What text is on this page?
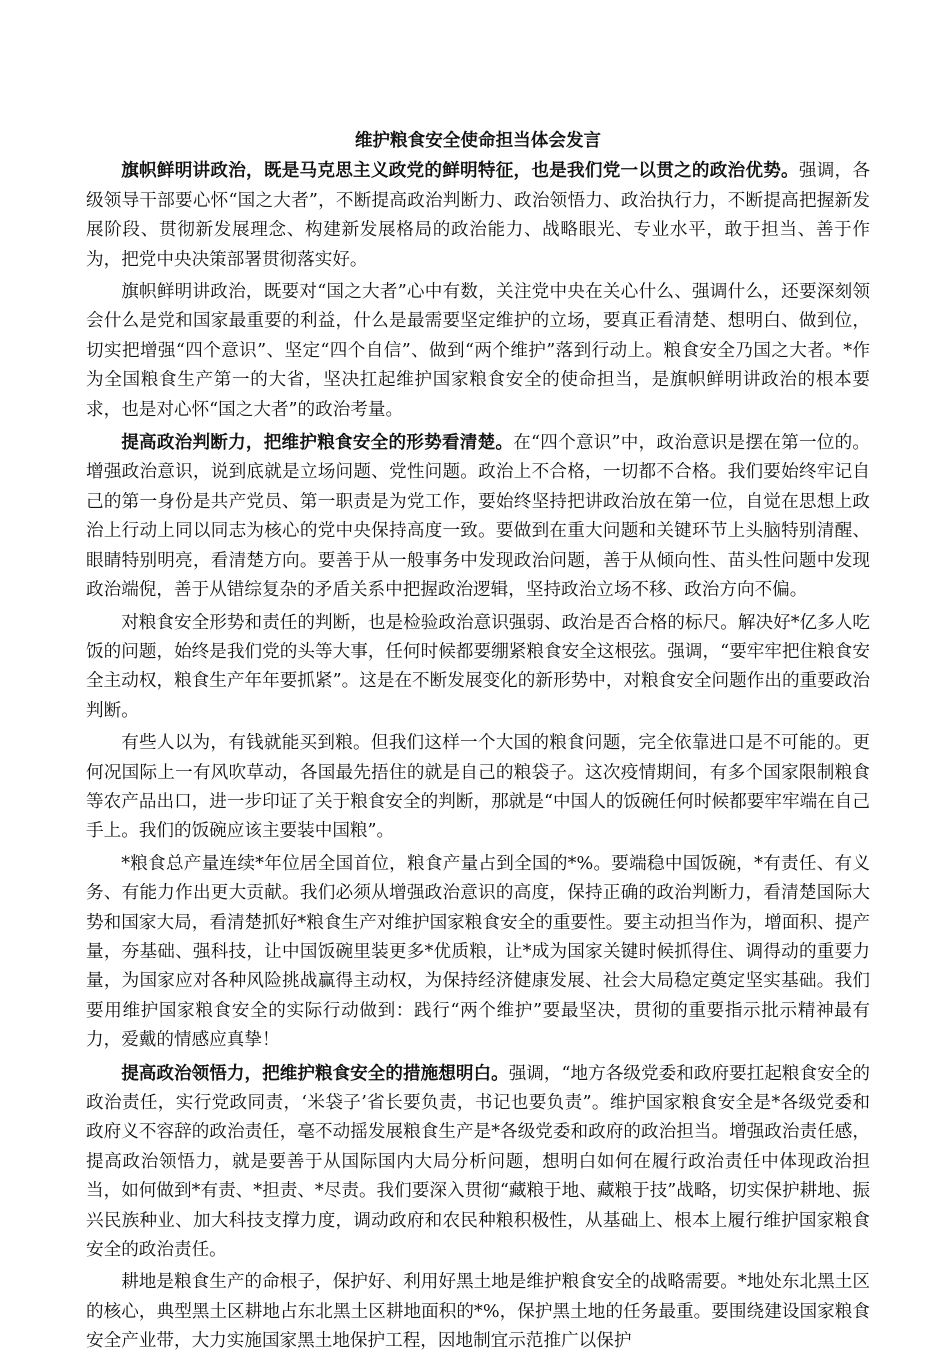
维护粮食安全使命担当体会发言

旗帜鲜明讲政治，既是马克思主义政党的鲜明特征，也是我们党一以贯之的政治优势。强调，各级领导干部要心怀“国之大者”，不断提高政治判断力、政治领悟力、政治执行力，不断提高把握新发展阶段、贯彻新发展理念、构建新发展格局的政治能力、战略眼光、专业水平，敢于担当、善于作为，把党中央决策部署贯彻落实好。

旗帜鲜明讲政治，既要对“国之大者”心中有数，关注党中央在关心什么、强调什么，还要深刻领会什么是党和国家最重要的利益，什么是最需要坚定维护的立场，要真正看清楚、想明白、做到位，切实把增强“四个意识”、坚定“四个自信”、做到“两个维护”落到行动上。粮食安全乃国之大者。*作为全国粮食生产第一的大省，坚决扛起维护国家粮食安全的使命担当，是旗帜鲜明讲政治的根本要求，也是对心怀“国之大者”的政治考量。

提高政治判断力，把维护粮食安全的形势看清楚。在“四个意识”中，政治意识是摆在第一位的。增强政治意识，说到底就是立场问题、党性问题。政治上不合格，一切都不合格。我们要始终牢记自己的第一身份是共产党员、第一职责是为党工作，要始终坚持把讲政治放在第一位，自觉在思想上政治上行动上同以同志为核心的党中央保持高度一致。要做到在重大问题和关键环节上头脑特别清醒、眼睛特别明亮，看清楚方向。要善于从一般事务中发现政治问题，善于从倾向性、苗头性问题中发现政治端倪，善于从错综复杂的矛盾关系中把握政治逻辑，坚持政治立场不移、政治方向不偏。

对粮食安全形势和责任的判断，也是检验政治意识强弱、政治是否合格的标尺。解决好*亿多人吃饭的问题，始终是我们党的头等大事，任何时候都要绷紧粮食安全这根弦。强调，“要牢牢把住粮食安全主动权，粮食生产年年要抓紧”。这是在不断发展变化的新形势中，对粮食安全问题作出的重要政治判断。

有些人以为，有钱就能买到粮。但我们这样一个大国的粮食问题，完全依靠进口是不可能的。更何况国际上一有风吹草动，各国最先捂住的就是自己的粮袋子。这次疫情期间，有多个国家限制粮食等农产品出口，进一步印证了关于粮食安全的判断，那就是“中国人的饭碗任何时候都要牢牢端在自己手上。我们的饭碗应该主要装中国粮”。

*粮食总产量连续*年位居全国首位，粮食产量占到全国的*%。要端稳中国饭碗，*有责任、有义务、有能力作出更大贡献。我们必须从增强政治意识的高度，保持正确的政治判断力，看清楚国际大势和国家大局，看清楚抓好*粮食生产对维护国家粮食安全的重要性。要主动担当作为，增面积、提产量，夯基础、强科技，让中国饭碗里装更多*优质粮，让*成为国家关键时候抓得住、调得动的重要力量，为国家应对各种风险挑战赢得主动权，为保持经济健康发展、社会大局稳定奠定坚实基础。我们要用维护国家粮食安全的实际行动做到：践行“两个维护”要最坚决，贯彻的重要指示批示精神最有力，爱戴的情感应真挚！

提高政治领悟力，把维护粮食安全的措施想明白。强调，“地方各级党委和政府要扛起粮食安全的政治责任，实行党政同责，‘米袋子’省长要负责，书记也要负责”。维护国家粮食安全是*各级党委和政府义不容辞的政治责任，毫不动摇发展粮食生产是*各级党委和政府的政治担当。增强政治责任感，提高政治领悟力，就是要善于从国际国内大局分析问题，想明白如何在履行政治责任中体现政治担当，如何做到*有责、*担责、*尽责。我们要深入贯彻“藏粮于地、藏粮于技”战略，切实保护耕地、振兴民族种业、加大科技支撑力度，调动政府和农民种粮积极性，从基础上、根本上履行维护国家粮食安全的政治责任。

耕地是粮食生产的命根子，保护好、利用好黑土地是维护粮食安全的战略需要。*地处东北黑土区的核心，典型黑土区耕地占东北黑土区耕地面积的*%，保护黑土地的任务最重。要围绕建设国家粮食安全产业带，大力实施国家黑土地保护工程，因地制宜示范推广以保护
